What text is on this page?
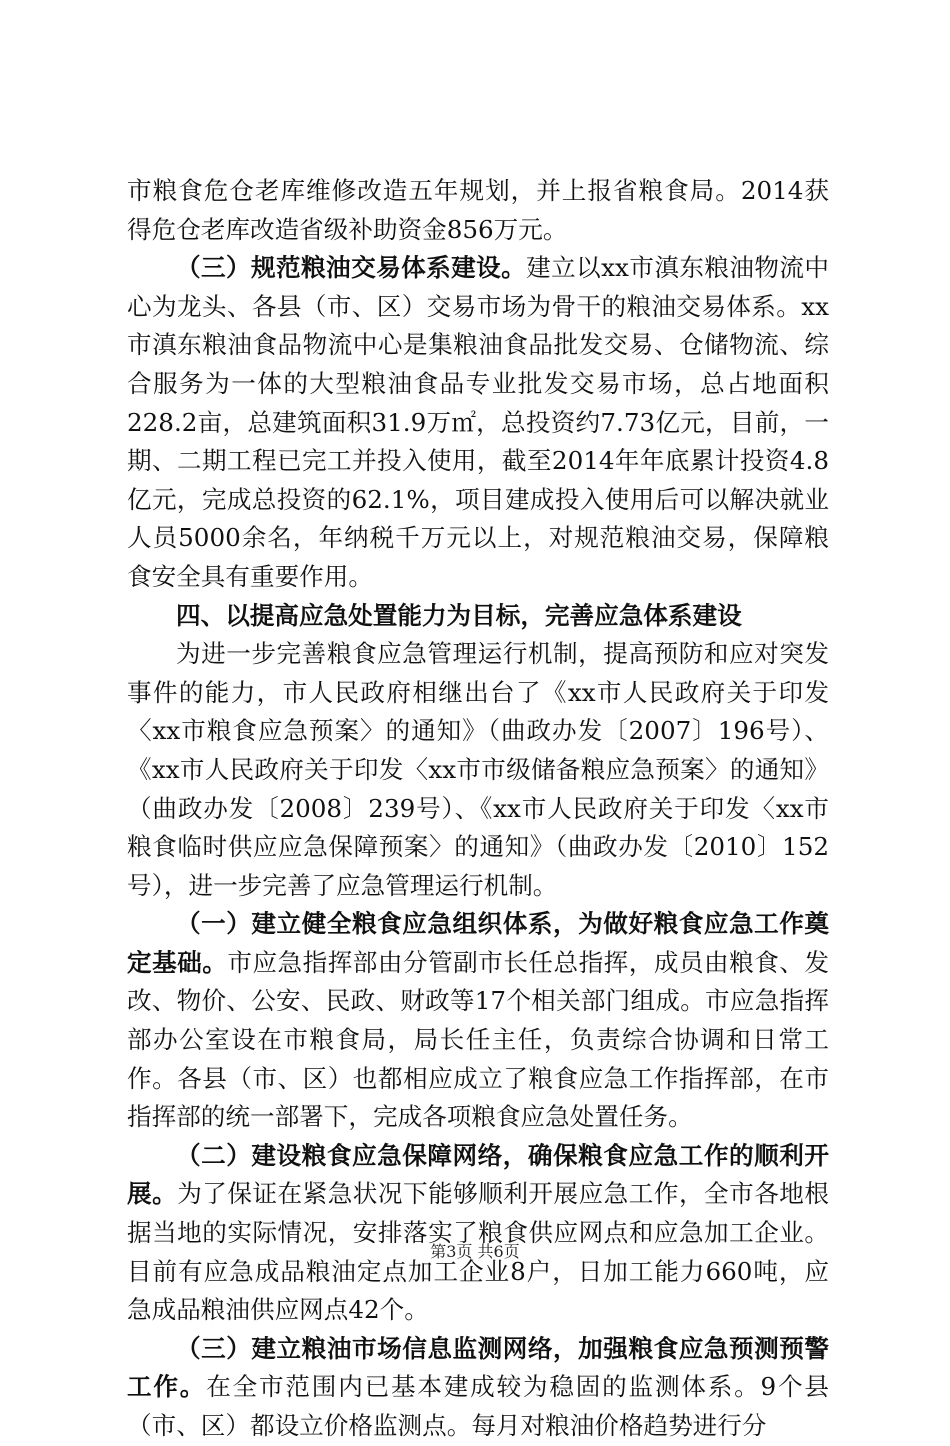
市粮食危仓老库维修改造五年规划，并上报省粮食局。2014获得危仓老库改造省级补助资金856万元。

（三）规范粮油交易体系建设。建立以xx市滇东粮油物流中心为龙头、各县（市、区）交易市场为骨干的粮油交易体系。xx市滇东粮油食品物流中心是集粮油食品批发交易、仓储物流、综合服务为一体的大型粮油食品专业批发交易市场，总占地面积228.2亩，总建筑面积31.9万㎡，总投资约7.73亿元，目前，一期、二期工程已完工并投入使用，截至2014年年底累计投资4.8亿元，完成总投资的62.1%，项目建成投入使用后可以解决就业人员5000余名，年纳税千万元以上，对规范粮油交易，保障粮食安全具有重要作用。

四、以提高应急处置能力为目标，完善应急体系建设

为进一步完善粮食应急管理运行机制，提高预防和应对突发事件的能力，市人民政府相继出台了《xx市人民政府关于印发〈xx市粮食应急预案〉的通知》（曲政办发〔2007〕196号）、《xx市人民政府关于印发〈xx市市级储备粮应急预案〉的通知》（曲政办发〔2008〕239号）、《xx市人民政府关于印发〈xx市粮食临时供应应急保障预案〉的通知》（曲政办发〔2010〕152号），进一步完善了应急管理运行机制。

（一）建立健全粮食应急组织体系，为做好粮食应急工作奠定基础。市应急指挥部由分管副市长任总指挥，成员由粮食、发改、物价、公安、民政、财政等17个相关部门组成。市应急指挥部办公室设在市粮食局，局长任主任，负责综合协调和日常工作。各县（市、区）也都相应成立了粮食应急工作指挥部，在市指挥部的统一部署下，完成各项粮食应急处置任务。

（二）建设粮食应急保障网络，确保粮食应急工作的顺利开展。为了保证在紧急状况下能够顺利开展应急工作，全市各地根据当地的实际情况，安排落实了粮食供应网点和应急加工企业。目前有应急成品粮油定点加工企业8户，日加工能力660吨，应急成品粮油供应网点42个。

（三）建立粮油市场信息监测网络，加强粮食应急预测预警工作。在全市范围内已基本建成较为稳固的监测体系。9个县（市、区）都设立价格监测点。每月对粮油价格趋势进行分

第3页 共6页
